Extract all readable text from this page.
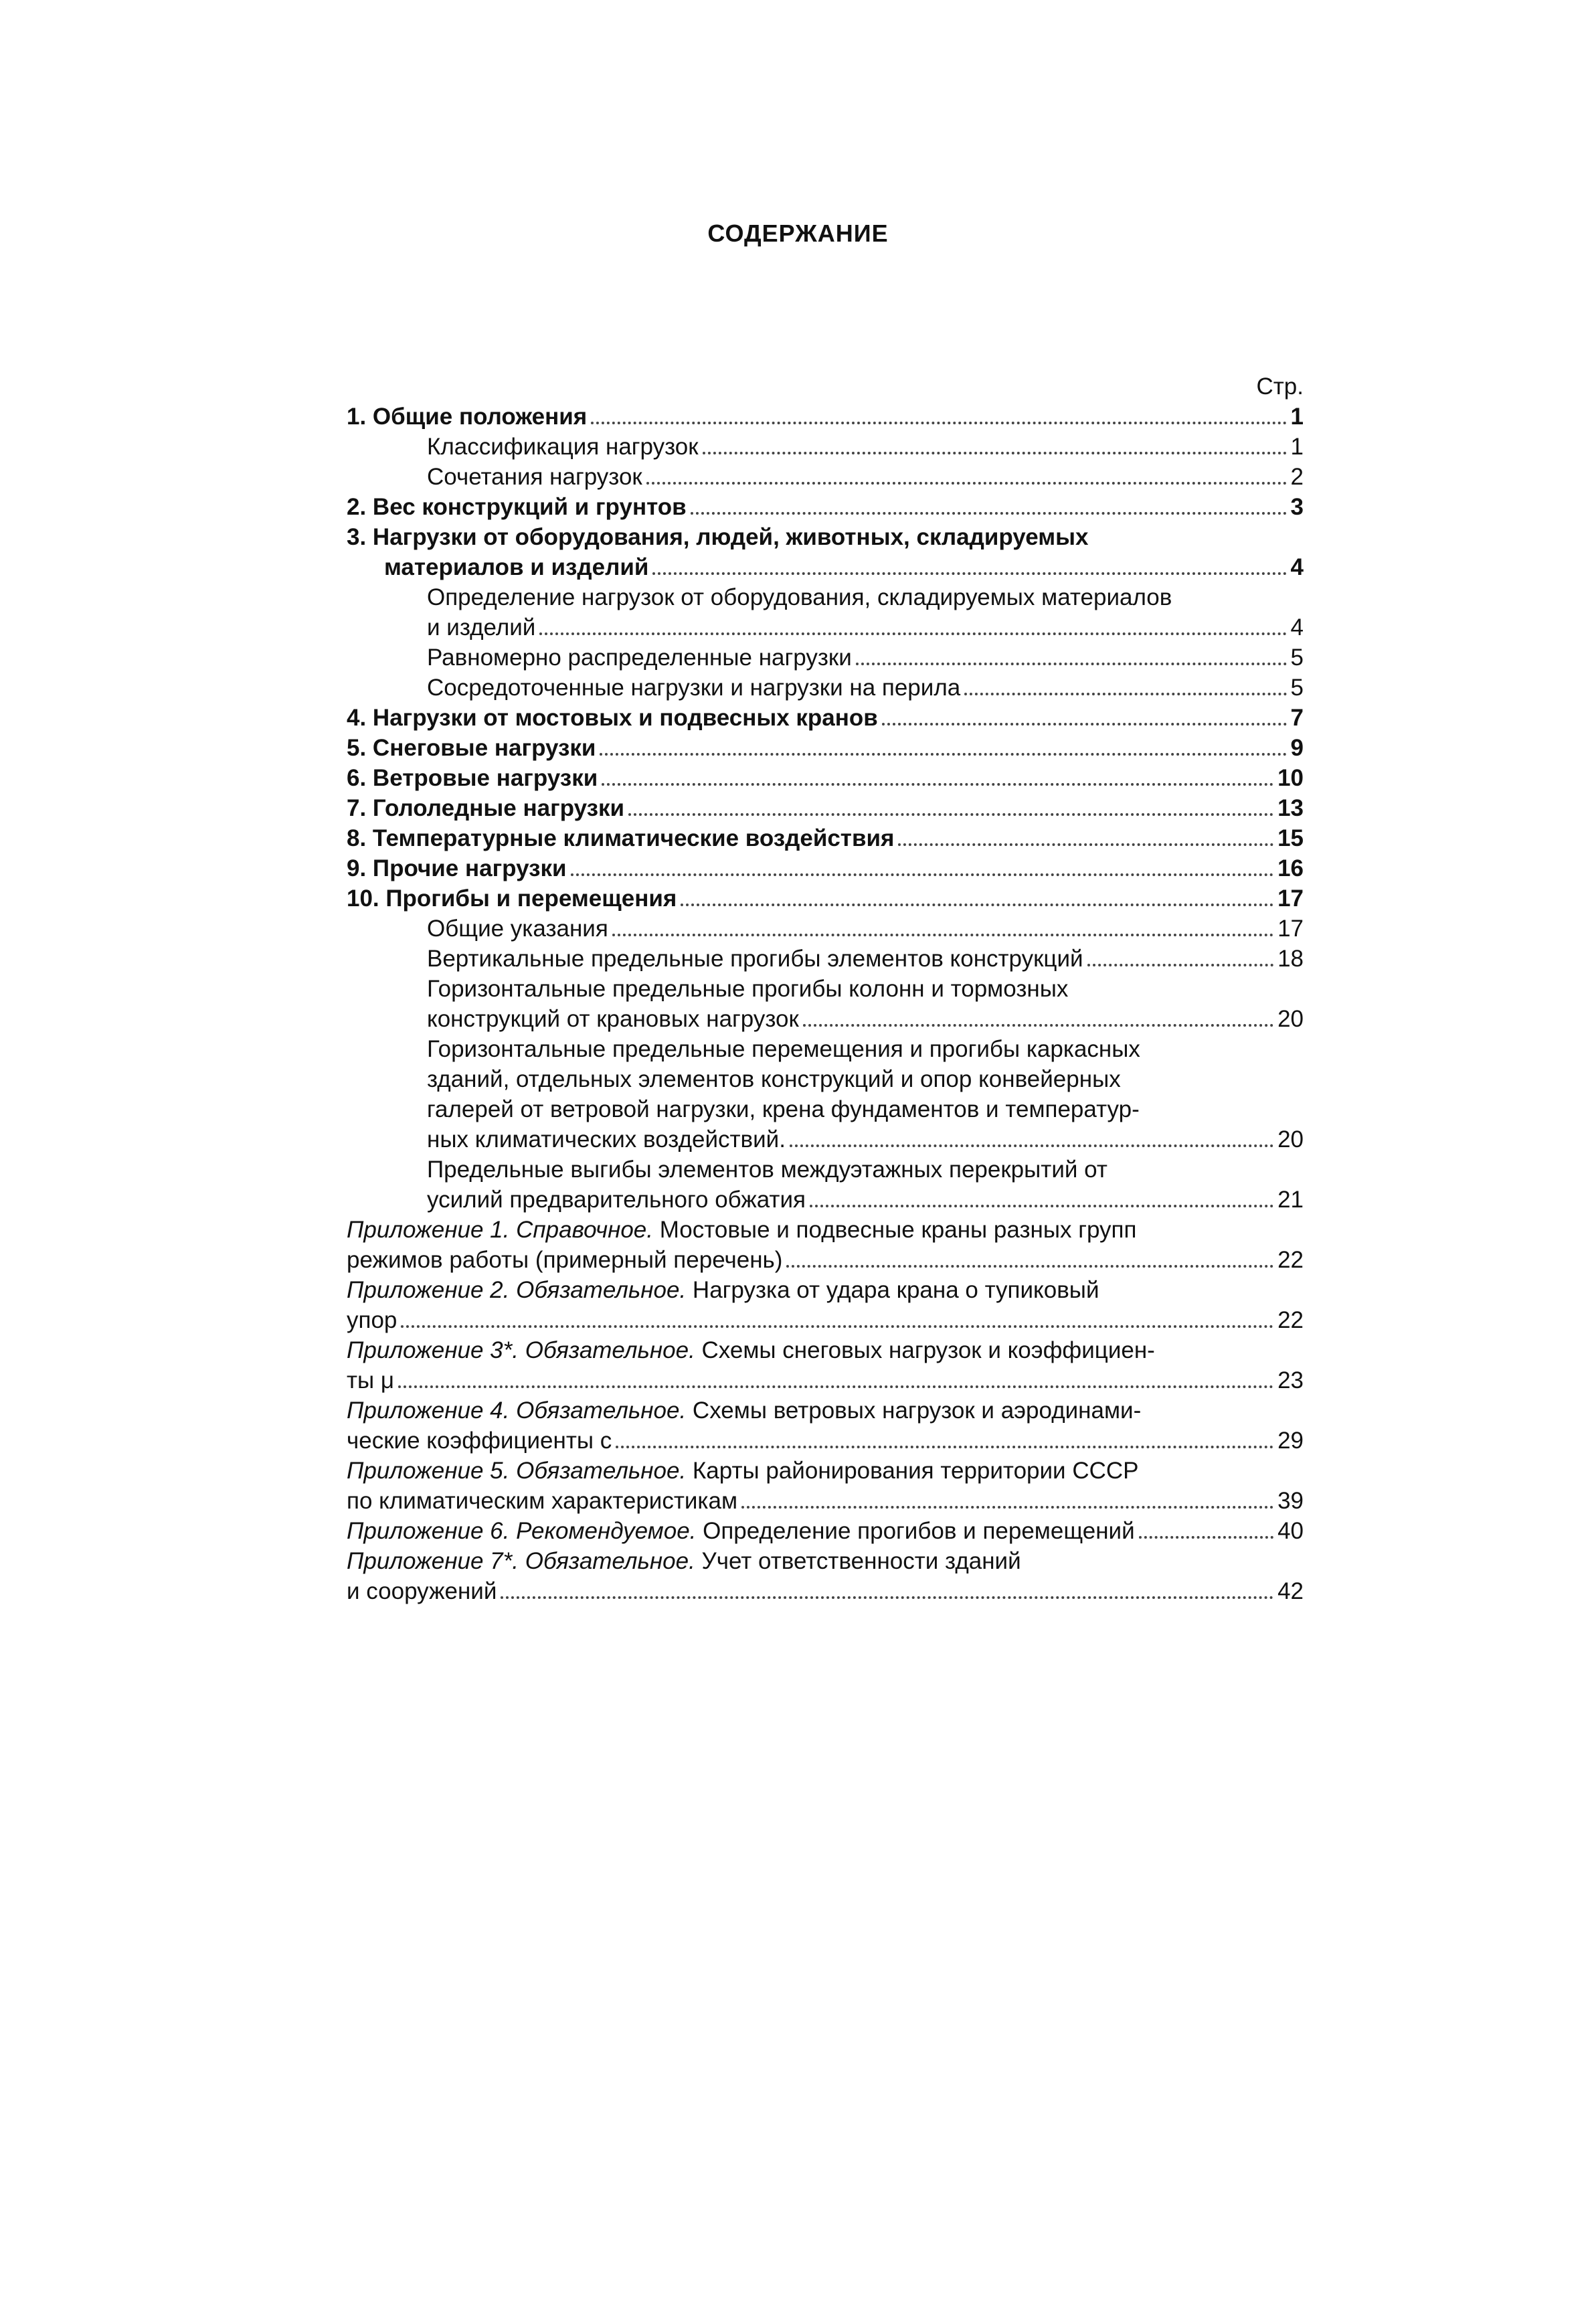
СОДЕРЖАНИЕ
Стр.
1. Общие положения	1
Классификация нагрузок	1
Сочетания нагрузок	2
2. Вес конструкций и грунтов	3
3. Нагрузки от оборудования, людей, животных, складируемых
материалов и изделий	4
Определение нагрузок от оборудования, складируемых материалов
и изделий	4
Равномерно распределенные нагрузки	5
Сосредоточенные нагрузки и нагрузки на перила	5
4. Нагрузки от мостовых и подвесных кранов	7
5. Снеговые нагрузки	9
6. Ветровые нагрузки	10
7. Гололедные нагрузки	13
8. Температурные климатические воздействия	15
9. Прочие нагрузки	16
10. Прогибы и перемещения	17
Общие указания	17
Вертикальные предельные прогибы элементов конструкций	18
Горизонтальные предельные прогибы колонн и тормозных
конструкций от крановых нагрузок	20
Горизонтальные предельные перемещения и прогибы каркасных
зданий, отдельных элементов конструкций и опор конвейерных
галерей от ветровой нагрузки, крена фундаментов и температур-
ных климатических воздействий.	20
Предельные выгибы элементов междуэтажных перекрытий от
усилий предварительного обжатия	21
Приложение 1. Справочное. Мостовые и подвесные краны разных групп
режимов работы (примерный перечень)	22
Приложение 2. Обязательное. Нагрузка от удара крана о тупиковый
упор	22
Приложение 3*. Обязательное. Схемы снеговых нагрузок и коэффициен-
ты μ	23
Приложение 4. Обязательное. Схемы ветровых нагрузок и аэродинами-
ческие коэффициенты c	29
Приложение 5. Обязательное. Карты районирования территории СССР
по климатическим характеристикам	39
Приложение 6. Рекомендуемое. Определение прогибов и перемещений	40
Приложение 7*. Обязательное. Учет ответственности зданий
и сооружений	42
